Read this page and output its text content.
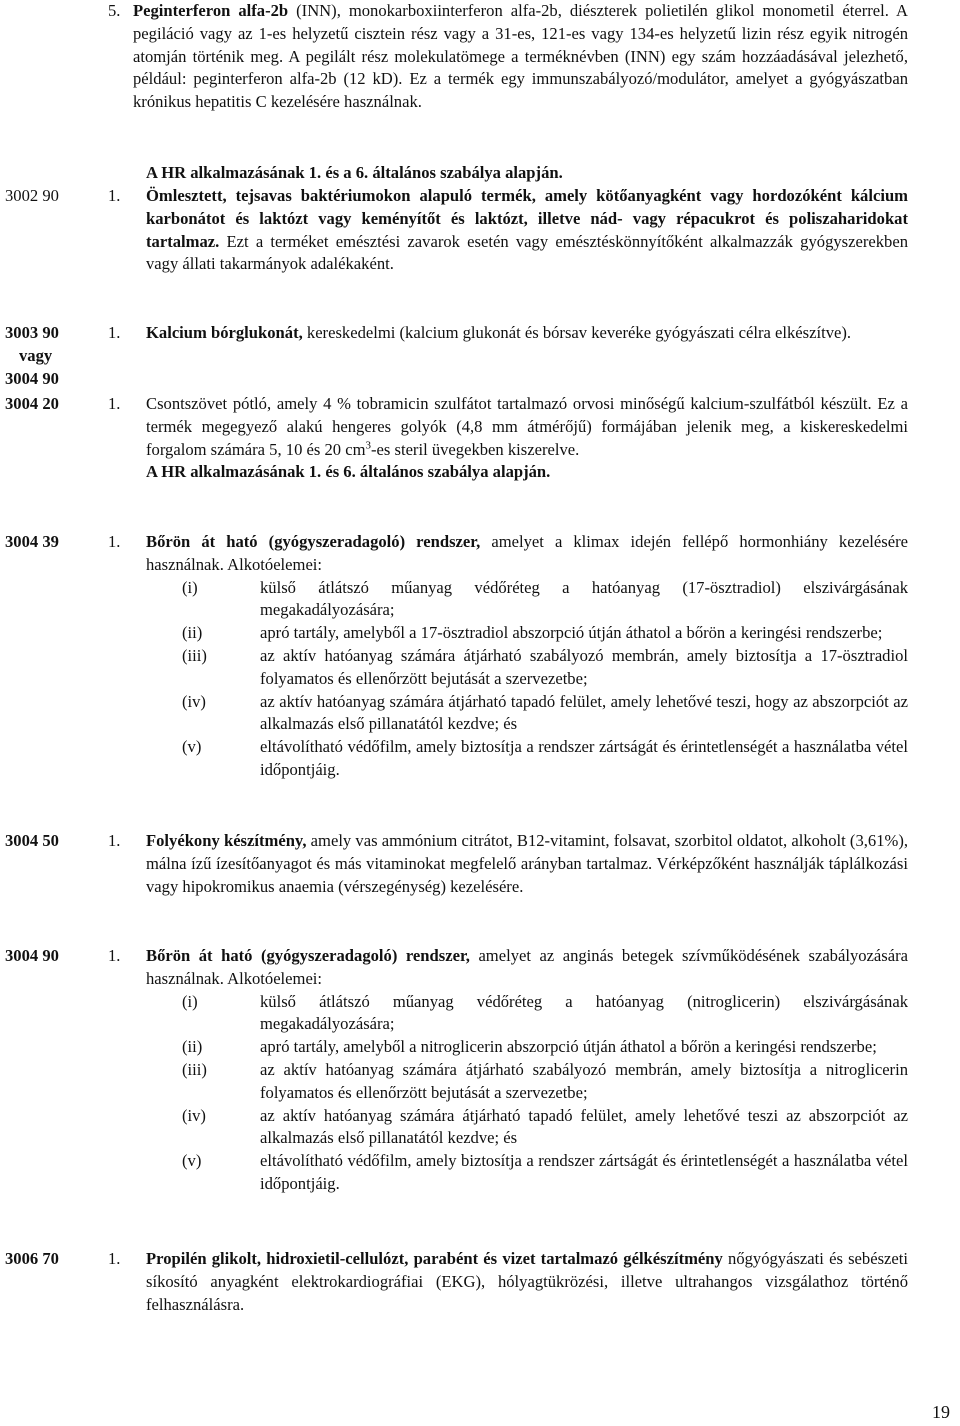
5. Peginterferon alfa-2b (INN), monokarboxiinterferon alfa-2b, diészterek polietilén glikol monometil éterrel. A pegiláció vagy az 1-es helyzetű cisztein rész vagy a 31-es, 121-es vagy 134-es helyzetű lizin rész egyik nitrogén atomján történik meg. A pegilált rész molekulatömege a terméknévben (INN) egy szám hozzáadásával jelezhető, például: peginterferon alfa-2b (12 kD). Ez a termék egy immunszabályozó/modulátor, amelyet a gyógyászatban krónikus hepatitis C kezelésére használnak.

A HR alkalmazásának 1. és a 6. általános szabálya alapján.
3002 90	1. Ömlesztett, tejsavas baktériumokon alapuló termék, amely kötőanyagként vagy hordozóként kálcium karbonátot és laktózt vagy keményítőt és laktózt, illetve nád- vagy répacukrot és poliszaharidokat tartalmaz. Ezt a terméket emésztési zavarok esetén vagy emésztéskönnyítőként alkalmazzák gyógyszerekben vagy állati takarmányok adalékaként.

3003 90
vagy
3004 90
1. Kalcium bórglukonát, kereskedelmi (kalcium glukonát és bórsav keveréke gyógyászati célra elkészítve).

3004 20	1. Csontszövet pótló, amely 4 % tobramicin szulfátot tartalmazó orvosi minőségű kalcium-szulfátból készült. Ez a termék megegyező alakú hengeres golyók (4,8 mm átmérőjű) formájában jelenik meg, a kiskereskedelmi forgalom számára 5, 10 és 20 $cm^3-es$ steril üvegekben kiszerelve.

A HR alkalmazásának 1. és 6. általános szabálya alapján.

3004 39	1. Bőrön át ható (gyógyszeradagoló) rendszer, amelyet a klimax idején fellépő hormonhiány kezelésére használnak. Alkotóelemei:

(i)	külső átlátszó műanyag védőréteg a hatóanyag (17-ösztradiol) elszivárgásának megakadályozására;
(ii)	apró tartály, amelyből a 17-ösztradiol abszorpció útján áthatol a bőrön a keringési rendszerbe;
(iii)	az aktív hatóanyag számára átjárható szabályozó membrán, amely biztosítja a 17-ösztradiol folyamatos és ellenőrzött bejutását a szervezetbe;
(iv)	az aktív hatóanyag számára átjárható tapadó felület, amely lehetővé teszi, hogy az abszorpciót az alkalmazás első pillanatától kezdve; és
(v)	eltávolítható védőfilm, amely biztosítja a rendszer zártságát és érintetlenségét a használatba vétel időpontjáig.
3004 50	1. Folyékony készítmény, amely vas ammónium citrátot, B12-vitamint, folsavat, szorbitol oldatot, alkoholt (3,61%), málna ízű ízesítőanyagot és más vitaminokat megfelelő arányban tartalmaz. Vérképzőként használják táplálkozási vagy hipokromikus anaemia (vérszegénység) kezelésére.

3004 90	1. Bőrön át ható (gyógyszeradagoló) rendszer, amelyet az anginás betegek szívműködésének szabályozására használnak. Alkotóelemei:

(i)	külső átlátszó műanyag védőréteg a hatóanyag (nitroglicerin) elszivárgásának megakadályozására;
(ii)	apró tartály, amelyből a nitroglicerin abszorpció útján áthatol a bőrön a keringési rendszerbe;
(iii)	az aktív hatóanyag számára átjárható szabályozó membrán, amely biztosítja a nitroglicerin folyamatos és ellenőrzött bejutását a szervezetbe;
(iv)	az aktív hatóanyag számára átjárható tapadó felület, amely lehetővé teszi az abszorpciót az alkalmazás első pillanatától kezdve; és
(v)	eltávolítható védőfilm, amely biztosítja a rendszer zártságát és érintetlenségét a használatba vétel időpontjáig.
3006 70	1. Propilén glikolt, hidroxietil-cellulózt, parabént és vizet tartalmazó gélkészítmény nőgyógyászati és sebészeti síkosító anyagként elektrokardiográfiai (EKG), hólyagtükrözési, illetve ultrahangos vizsgálathoz történő felhasználásra.

19
